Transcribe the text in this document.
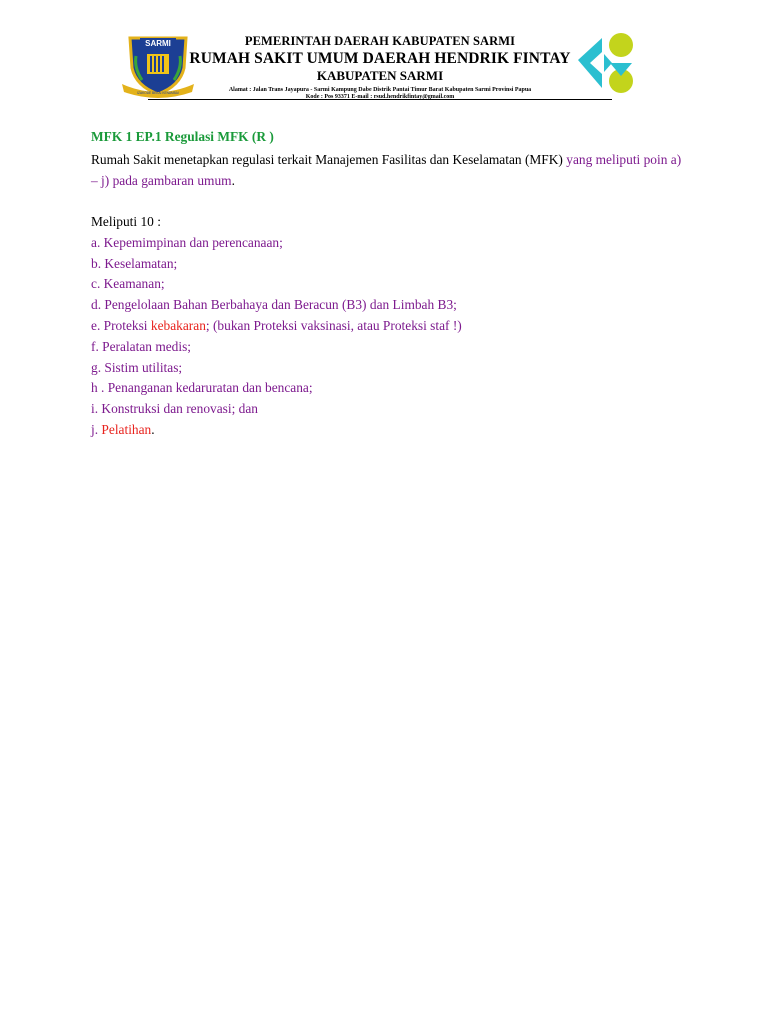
SARMI
IZAKODE BEKAI KENAMBAI
PEMERINTAH DAERAH KABUPATEN SARMI
RUMAH SAKIT UMUM DAERAH HENDRIK FINTAY
KABUPATEN SARMI
Alamat : Jalan Trans Jayapura - Sarmi Kampung Dabe Distrik Pantai Timur Barat Kabupaten Sarmi Provinsi Papua
Kode : Pos 93371 E-mail : rsud.hendrikfintay@gmail.com
MFK 1 EP.1 Regulasi MFK (R )
Rumah Sakit menetapkan regulasi terkait Manajemen Fasilitas dan Keselamatan (MFK) yang meliputi poin a) – j) pada gambaran umum.
Meliputi 10 :
a. Kepemimpinan dan perencanaan;
b. Keselamatan;
c. Keamanan;
d. Pengelolaan Bahan Berbahaya dan Beracun (B3) dan Limbah B3;
e. Proteksi kebakaran; (bukan Proteksi vaksinasi, atau Proteksi staf !)
f. Peralatan medis;
g. Sistim utilitas;
h . Penanganan kedaruratan dan bencana;
i. Konstruksi dan renovasi; dan
j. Pelatihan.
